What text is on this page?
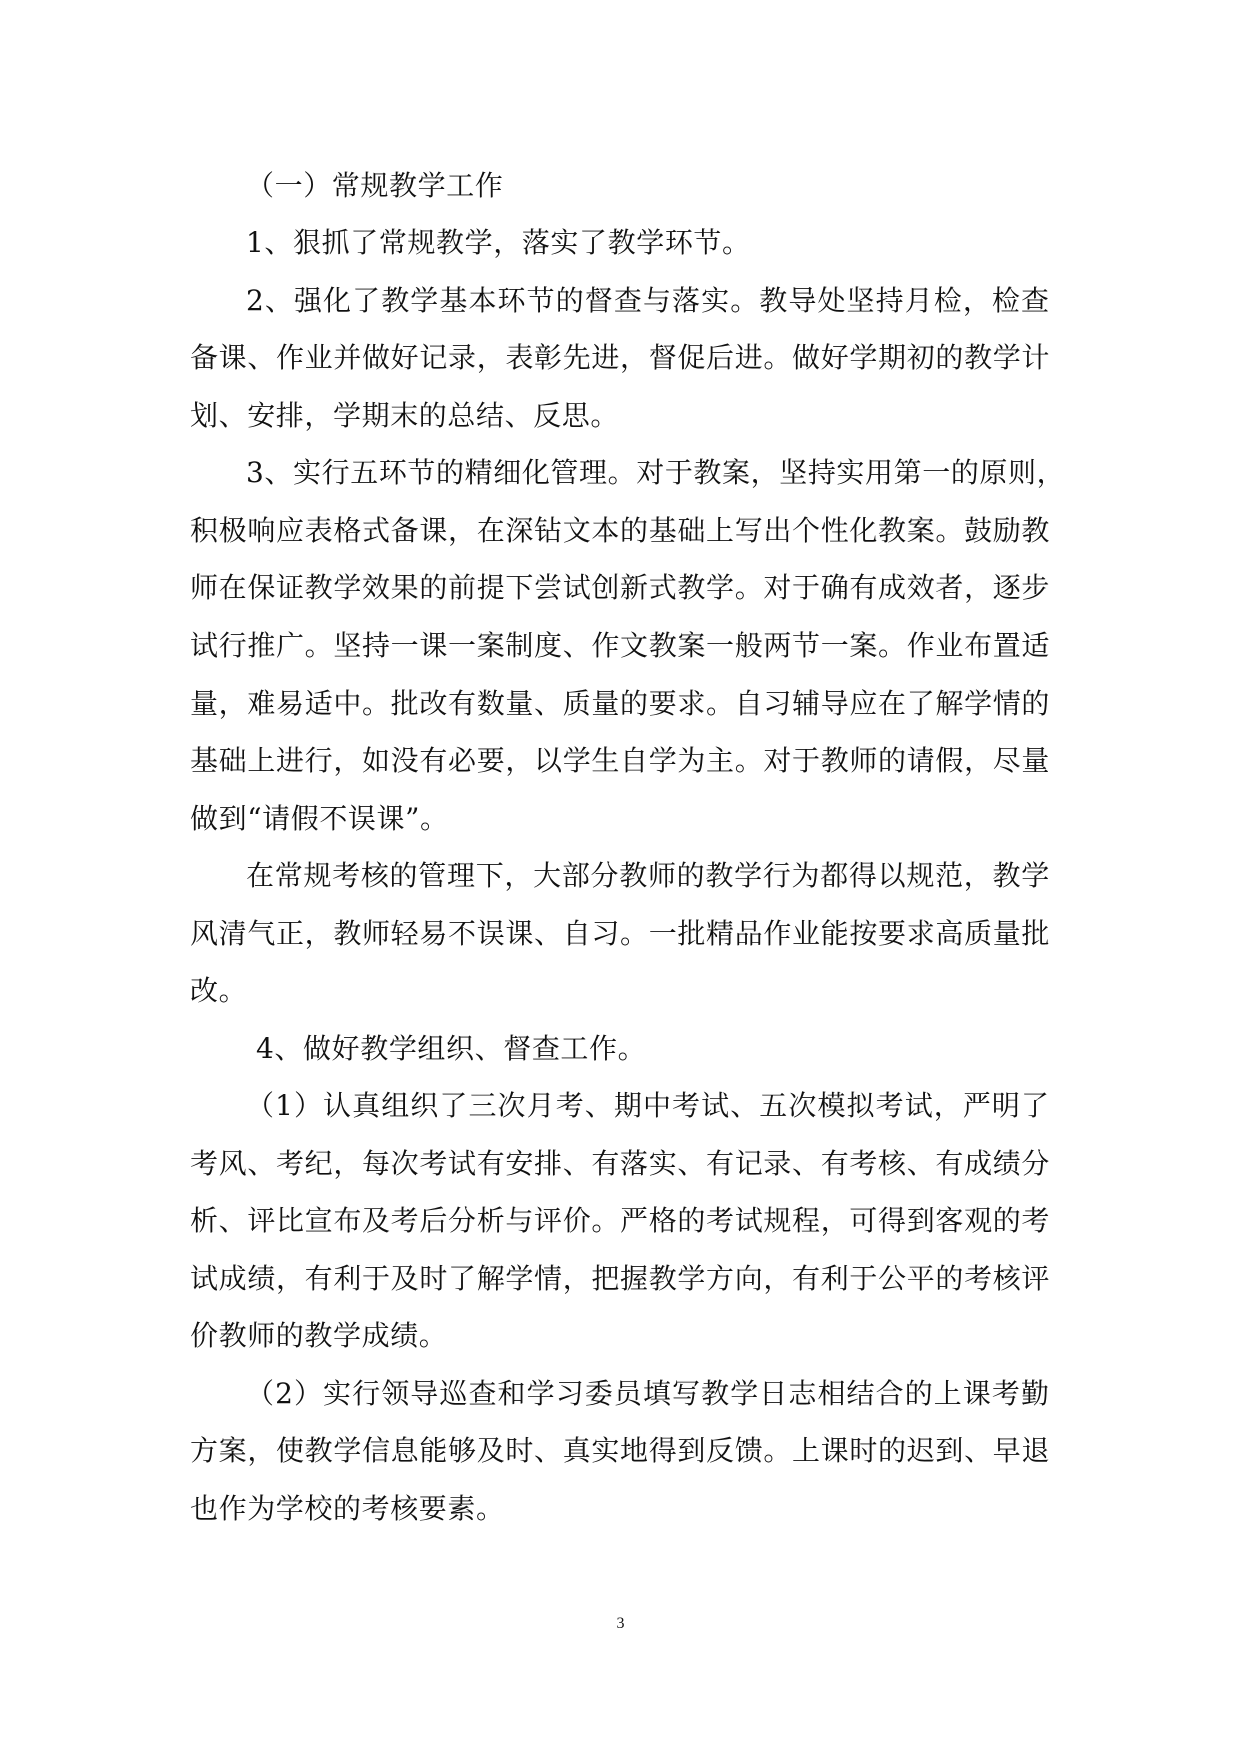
（一）常规教学工作
1、狠抓了常规教学，落实了教学环节。
2、强化了教学基本环节的督查与落实。教导处坚持月检，检查
备课、作业并做好记录，表彰先进，督促后进。做好学期初的教学计
划、安排，学期末的总结、反思。
3、实行五环节的精细化管理。对于教案，坚持实用第一的原则，
积极响应表格式备课，在深钻文本的基础上写出个性化教案。鼓励教
师在保证教学效果的前提下尝试创新式教学。对于确有成效者，逐步
试行推广。坚持一课一案制度、作文教案一般两节一案。作业布置适
量，难易适中。批改有数量、质量的要求。自习辅导应在了解学情的
基础上进行，如没有必要，以学生自学为主。对于教师的请假，尽量
做到“请假不误课”。
在常规考核的管理下，大部分教师的教学行为都得以规范，教学
风清气正，教师轻易不误课、自习。一批精品作业能按要求高质量批
改。
4、做好教学组织、督查工作。
（1）认真组织了三次月考、期中考试、五次模拟考试，严明了
考风、考纪，每次考试有安排、有落实、有记录、有考核、有成绩分
析、评比宣布及考后分析与评价。严格的考试规程，可得到客观的考
试成绩，有利于及时了解学情，把握教学方向，有利于公平的考核评
价教师的教学成绩。
（2）实行领导巡查和学习委员填写教学日志相结合的上课考勤
方案，使教学信息能够及时、真实地得到反馈。上课时的迟到、早退
也作为学校的考核要素。
3
